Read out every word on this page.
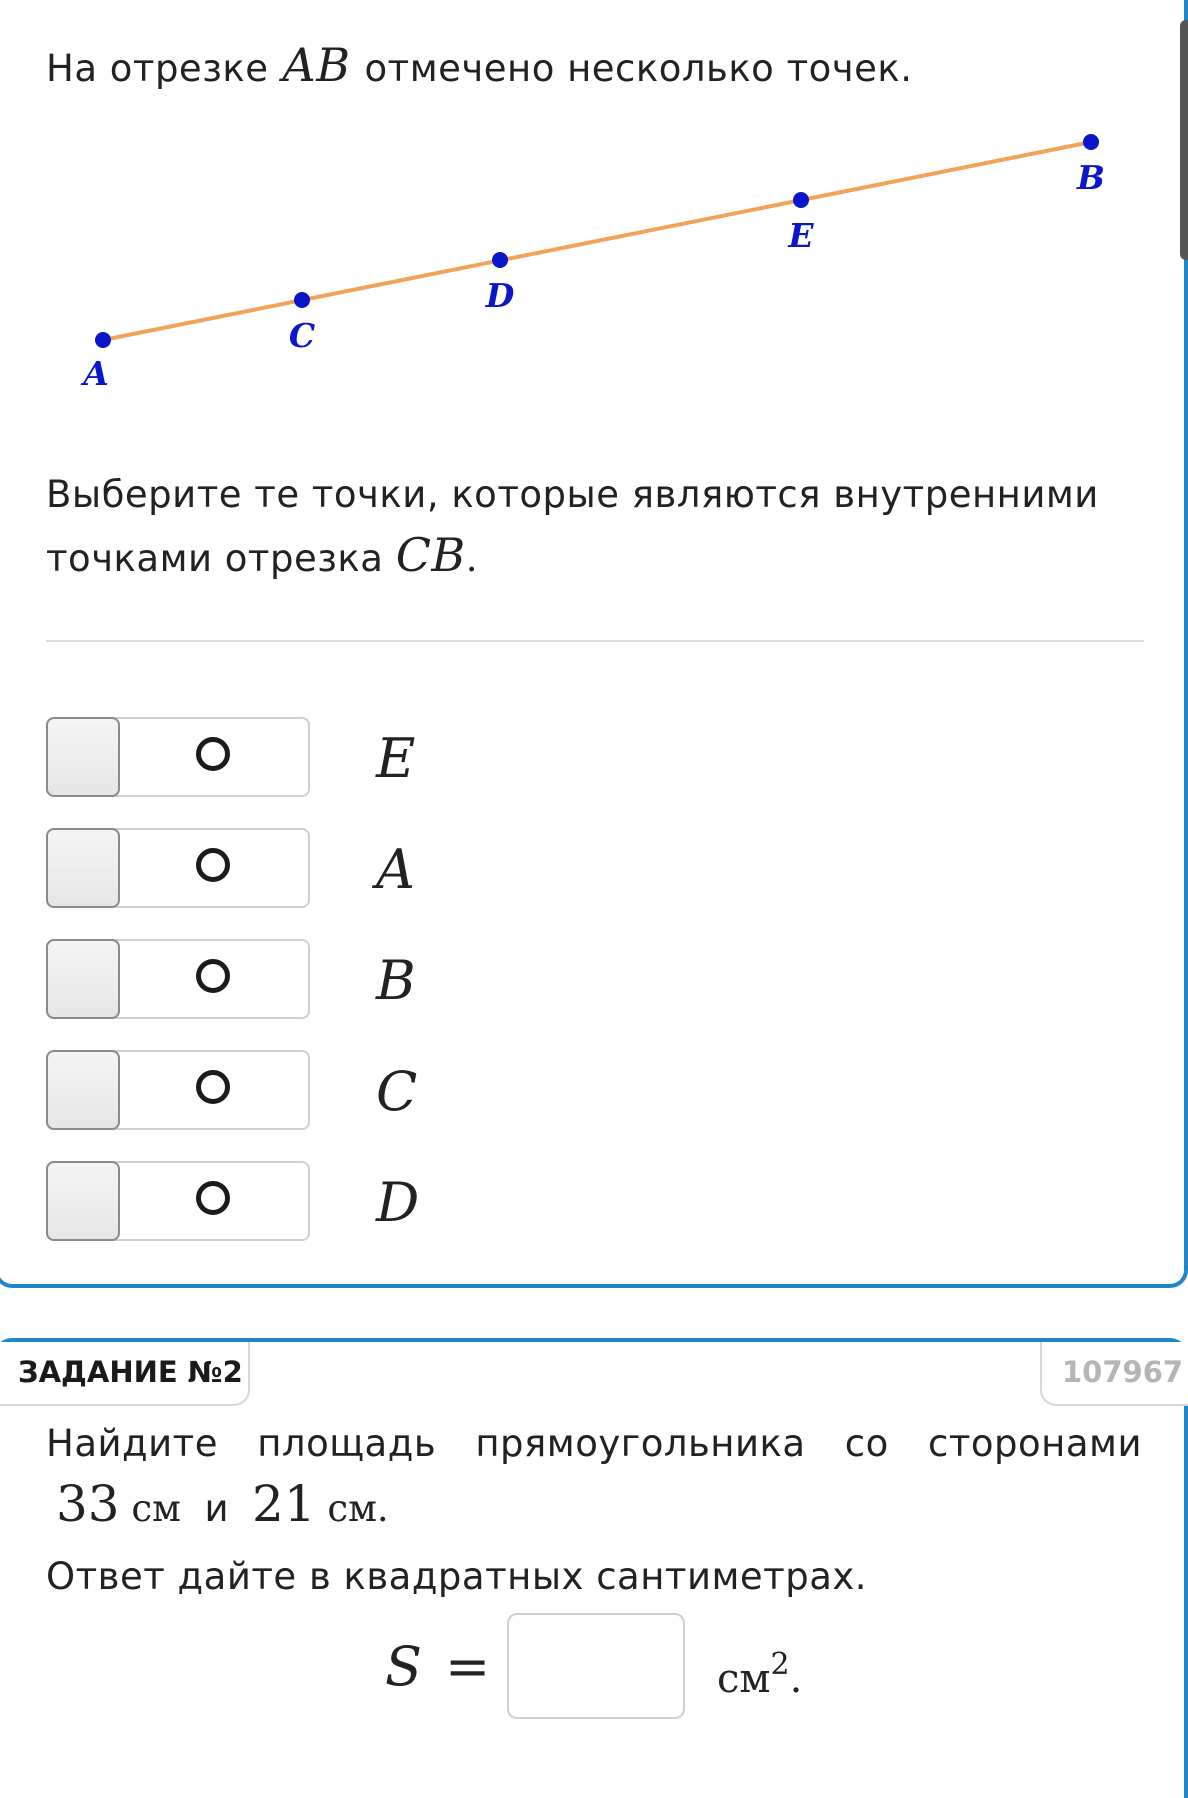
На отрезке AB отмечено несколько точек.
A
C
D
E
B
Выберите те точки, которые являются внутренними точками отрезка CB.
E
A
B
C
D
ЗАДАНИЕ №2	107967
Найдите площадь прямоугольника со сторонами
33 см и 21 см.
Ответ дайте в квадратных сантиметрах.
S =	$см^2$.
